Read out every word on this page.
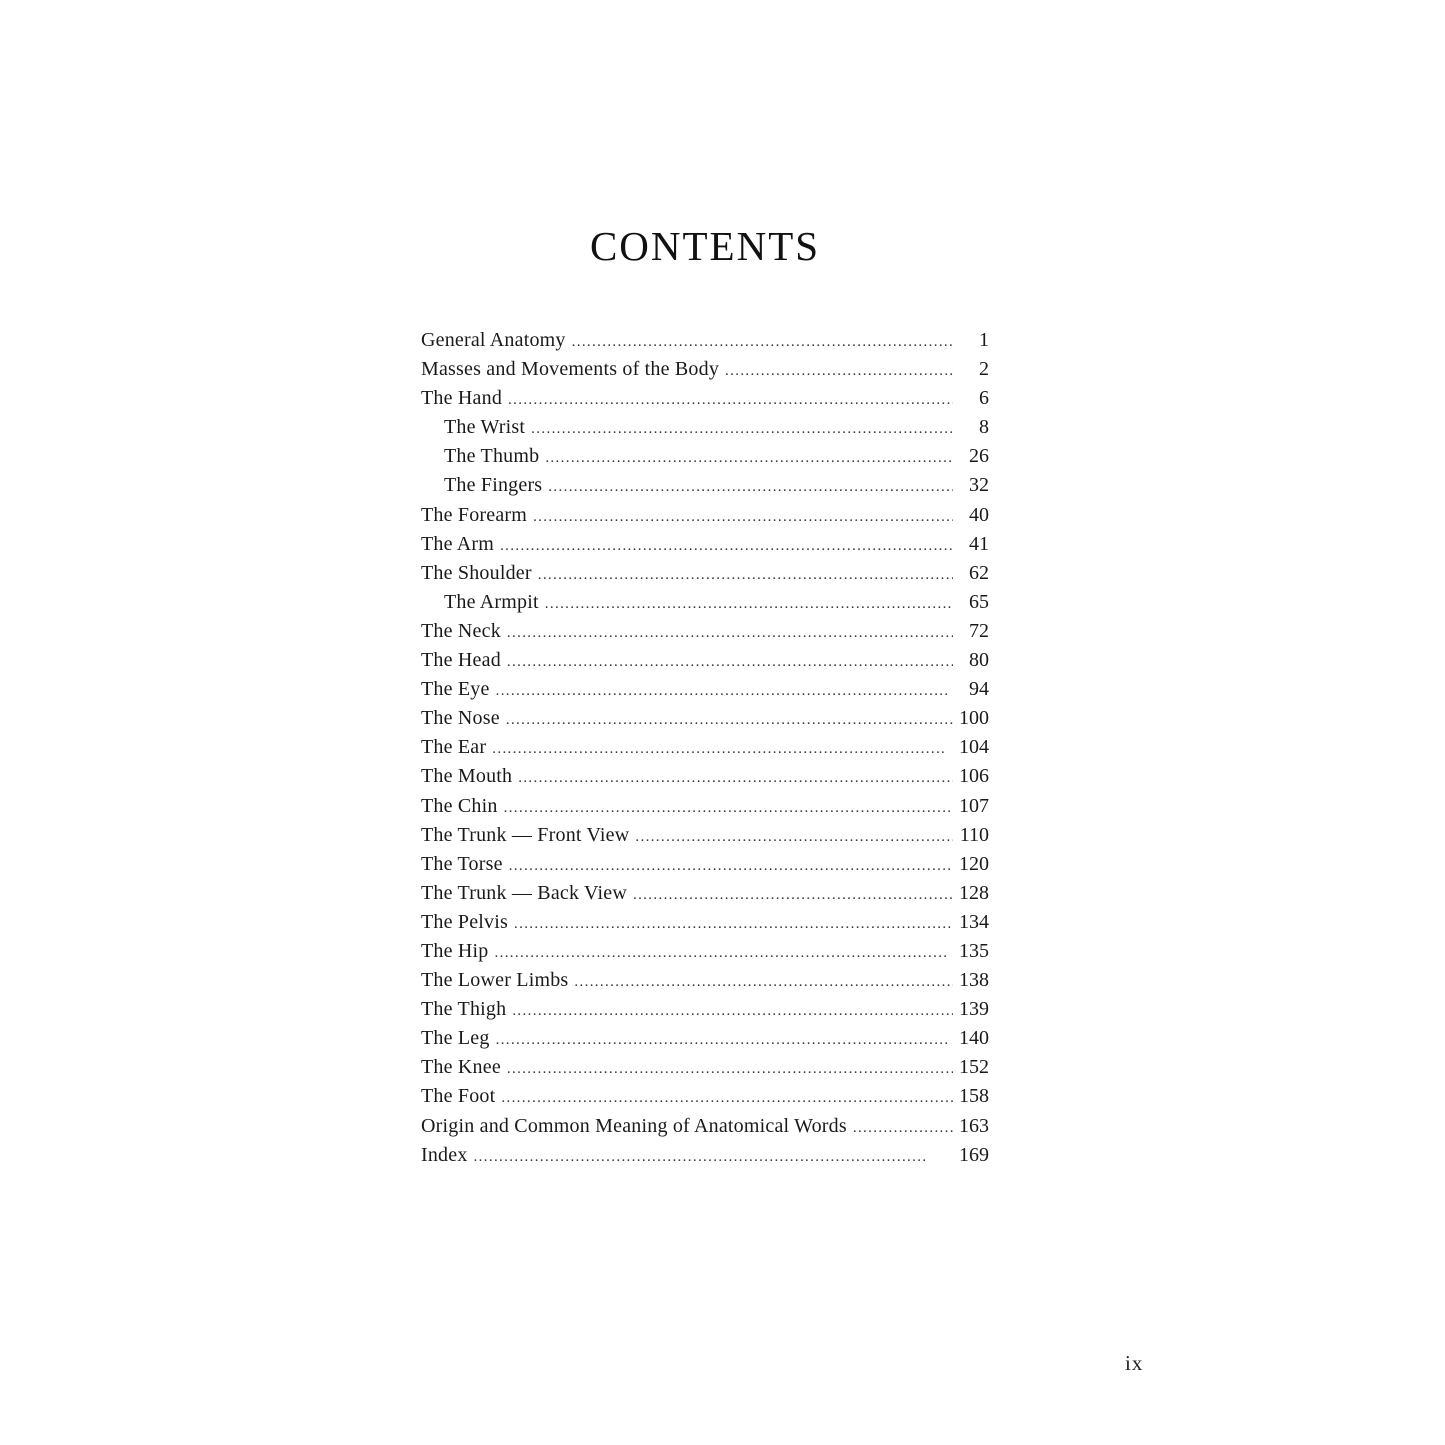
CONTENTS
General Anatomy . . .	1
Masses and Movements of the Body . . .	2
The Hand . . .	6
The Wrist . . .	8
The Thumb . . .	26
The Fingers . . .	32
The Forearm . . .	40
The Arm . . .	41
The Shoulder . . .	62
The Armpit . . .	65
The Neck . . .	72
The Head . . .	80
The Eye . . .	94
The Nose . . .	100
The Ear . . .	104
The Mouth . . .	106
The Chin . . .	107
The Trunk — Front View . . .	110
The Torse . . .	120
The Trunk — Back View . . .	128
The Pelvis . . .	134
The Hip . . .	135
The Lower Limbs . . .	138
The Thigh . . .	139
The Leg . . .	140
The Knee . . .	152
The Foot . . .	158
Origin and Common Meaning of Anatomical Words . . .	163
Index . . .	169
ix
